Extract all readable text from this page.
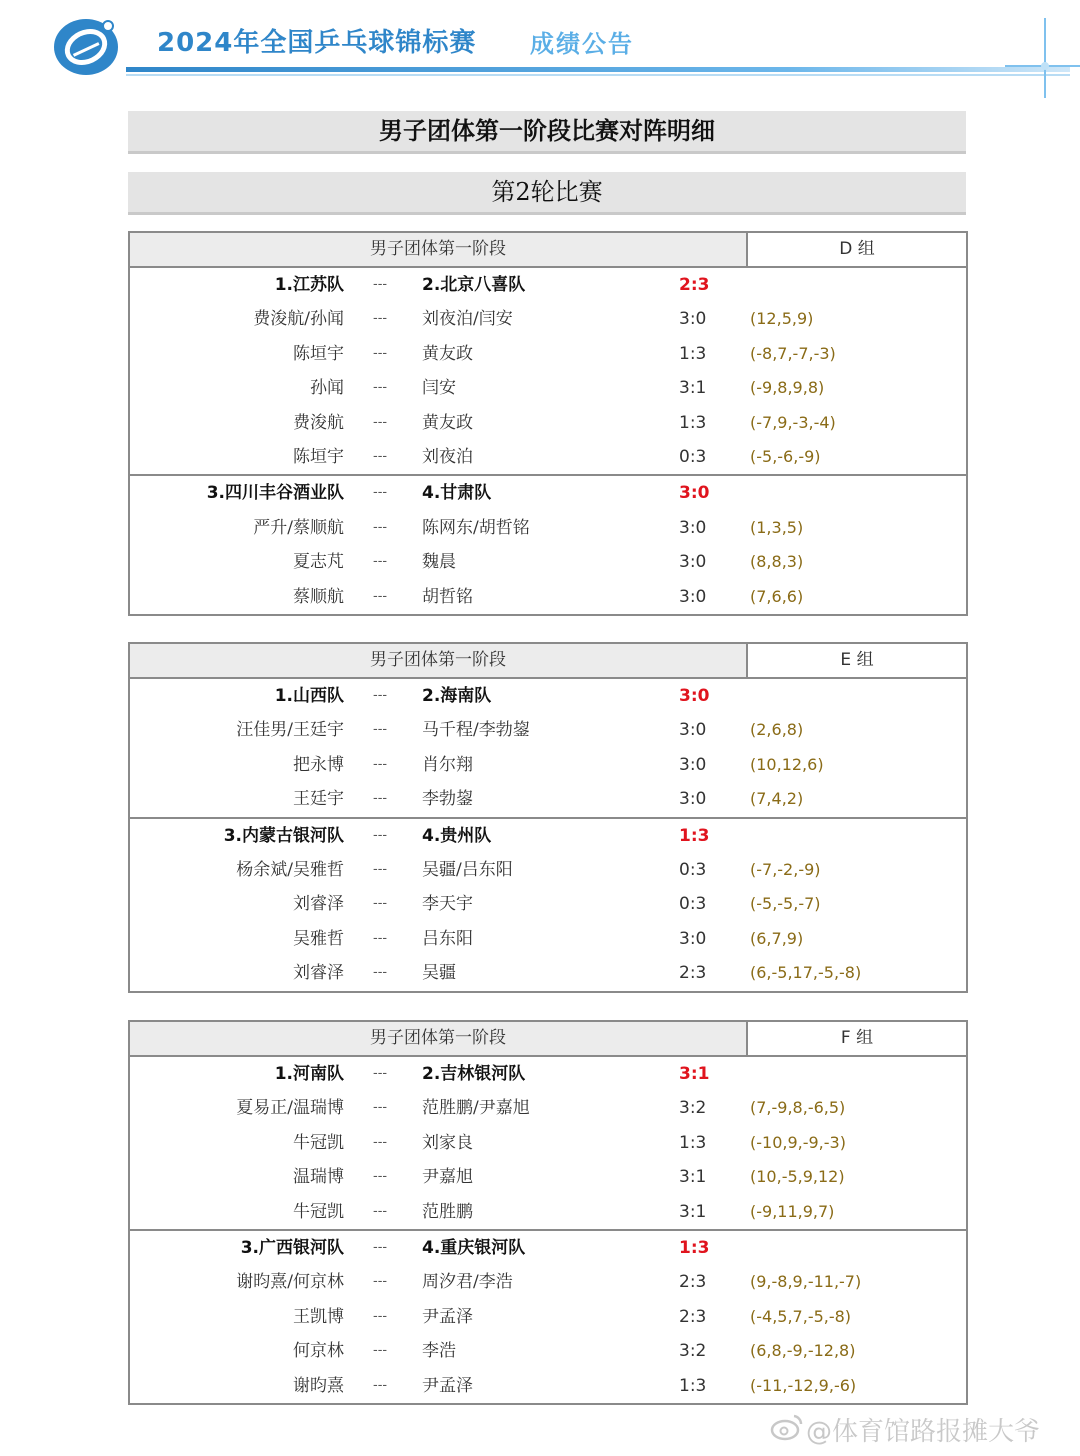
2024年全国乒乓球锦标赛 成绩公告
男子团体第一阶段比赛对阵明细
第2轮比赛
男子团体第一阶段	D 组
1.江苏队 --- 2.北京八喜队	2:3
费浚航/孙闻 --- 刘夜泊/闫安	3:0	(12,5,9)
陈垣宇 --- 黄友政	1:3	(-8,7,-7,-3)
孙闻 --- 闫安	3:1	(-9,8,9,8)
费浚航 --- 黄友政	1:3	(-7,9,-3,-4)
陈垣宇 --- 刘夜泊	0:3	(-5,-6,-9)
3.四川丰谷酒业队 --- 4.甘肃队	3:0
严升/蔡顺航 --- 陈网东/胡哲铭	3:0	(1,3,5)
夏志芃 --- 魏晨	3:0	(8,8,3)
蔡顺航 --- 胡哲铭	3:0	(7,6,6)
男子团体第一阶段	E 组
1.山西队 --- 2.海南队	3:0
汪佳男/王廷宇 --- 马千程/李勃鋆	3:0	(2,6,8)
把永博 --- 肖尔翔	3:0	(10,12,6)
王廷宇 --- 李勃鋆	3:0	(7,4,2)
3.内蒙古银河队 --- 4.贵州队	1:3
杨余斌/吴雅哲 --- 吴疆/吕东阳	0:3	(-7,-2,-9)
刘睿泽 --- 李天宇	0:3	(-5,-5,-7)
吴雅哲 --- 吕东阳	3:0	(6,7,9)
刘睿泽 --- 吴疆	2:3	(6,-5,17,-5,-8)
男子团体第一阶段	F 组
1.河南队 --- 2.吉林银河队	3:1
夏易正/温瑞博 --- 范胜鹏/尹嘉旭	3:2	(7,-9,8,-6,5)
牛冠凯 --- 刘家良	1:3	(-10,9,-9,-3)
温瑞博 --- 尹嘉旭	3:1	(10,-5,9,12)
牛冠凯 --- 范胜鹏	3:1	(-9,11,9,7)
3.广西银河队 --- 4.重庆银河队	1:3
谢昀熹/何京林 --- 周汐君/李浩	2:3	(9,-8,9,-11,-7)
王凯博 --- 尹孟泽	2:3	(-4,5,7,-5,-8)
何京林 --- 李浩	3:2	(6,8,-9,-12,8)
谢昀熹 --- 尹孟泽	1:3	(-11,-12,9,-6)
@体育馆路报摊大爷
